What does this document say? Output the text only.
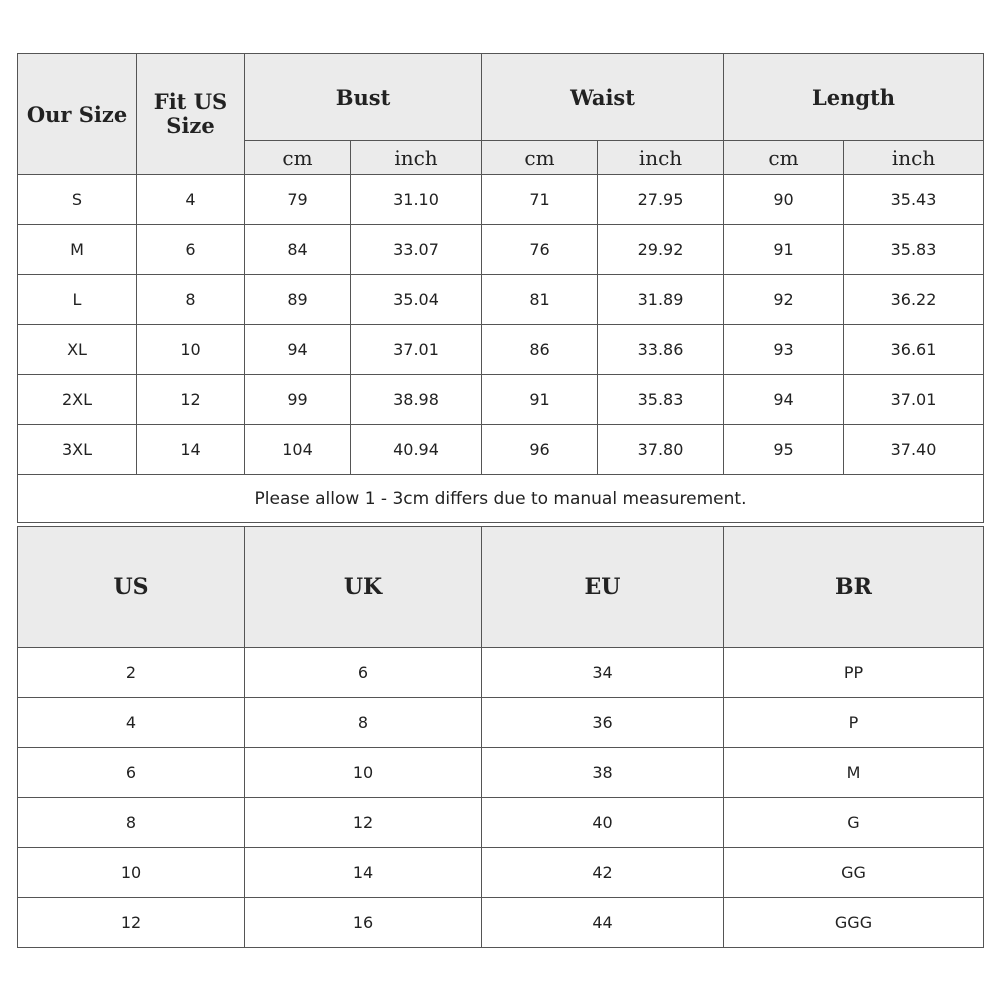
Our Size	Fit US
Size	Bust		Waist		Length	
		cm	inch	cm	inch	cm	inch
S	4	79	31.10	71	27.95	90	35.43
M	6	84	33.07	76	29.92	91	35.83
L	8	89	35.04	81	31.89	92	36.22
XL	10	94	37.01	86	33.86	93	36.61
2XL	12	99	38.98	91	35.83	94	37.01
3XL	14	104	40.94	96	37.80	95	37.40
Please allow 1 - 3cm differs due to manual measurement.							
US	UK	EU	BR
2	6	34	PP
4	8	36	P
6	10	38	M
8	12	40	G
10	14	42	GG
12	16	44	GGG
